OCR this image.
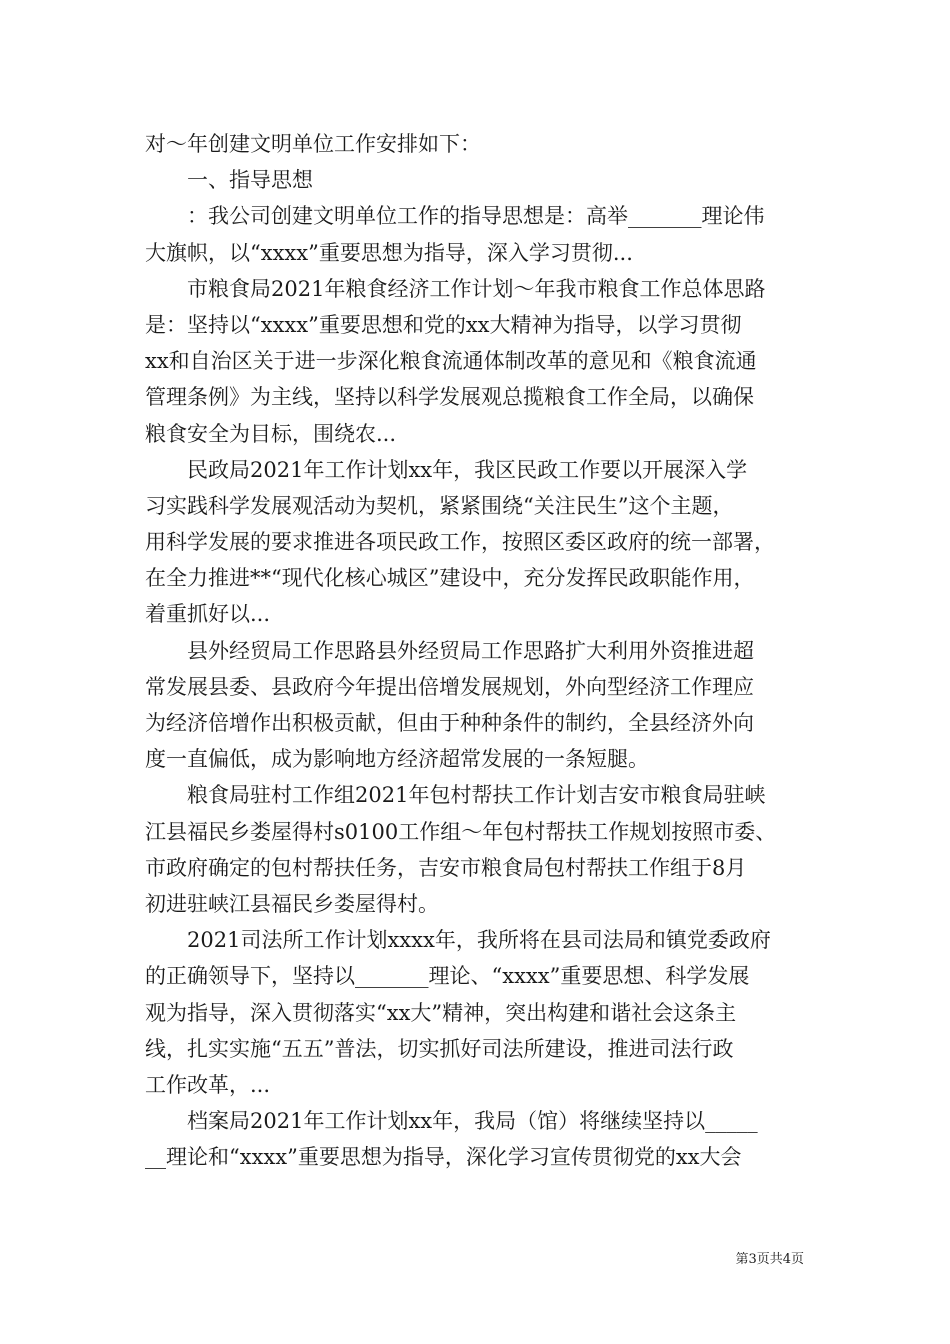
对～年创建文明单位工作安排如下：
一、指导思想
：我公司创建文明单位工作的指导思想是：高举_______理论伟
大旗帜，以“xxxx”重要思想为指导，深入学习贯彻...
市粮食局2021年粮食经济工作计划～年我市粮食工作总体思路
是：坚持以“xxxx”重要思想和党的xx大精神为指导，以学习贯彻
xx和自治区关于进一步深化粮食流通体制改革的意见和《粮食流通
管理条例》为主线，坚持以科学发展观总揽粮食工作全局，以确保
粮食安全为目标，围绕农...
民政局2021年工作计划xx年，我区民政工作要以开展深入学
习实践科学发展观活动为契机，紧紧围绕“关注民生”这个主题，
用科学发展的要求推进各项民政工作，按照区委区政府的统一部署，
在全力推进**“现代化核心城区”建设中，充分发挥民政职能作用，
着重抓好以...
县外经贸局工作思路县外经贸局工作思路扩大利用外资推进超
常发展县委、县政府今年提出倍增发展规划，外向型经济工作理应
为经济倍增作出积极贡献，但由于种种条件的制约，全县经济外向
度一直偏低，成为影响地方经济超常发展的一条短腿。
粮食局驻村工作组2021年包村帮扶工作计划吉安市粮食局驻峡
江县福民乡娄屋得村s0100工作组～年包村帮扶工作规划按照市委、
市政府确定的包村帮扶任务，吉安市粮食局包村帮扶工作组于8月
初进驻峡江县福民乡娄屋得村。
2021司法所工作计划xxxx年，我所将在县司法局和镇党委政府
的正确领导下，坚持以_______理论、“xxxx”重要思想、科学发展
观为指导，深入贯彻落实“xx大”精神，突出构建和谐社会这条主
线，扎实实施“五五”普法，切实抓好司法所建设，推进司法行政
工作改革，...
档案局2021年工作计划xx年，我局（馆）将继续坚持以_____
__理论和“xxxx”重要思想为指导，深化学习宣传贯彻党的xx大会
第3页共4页
